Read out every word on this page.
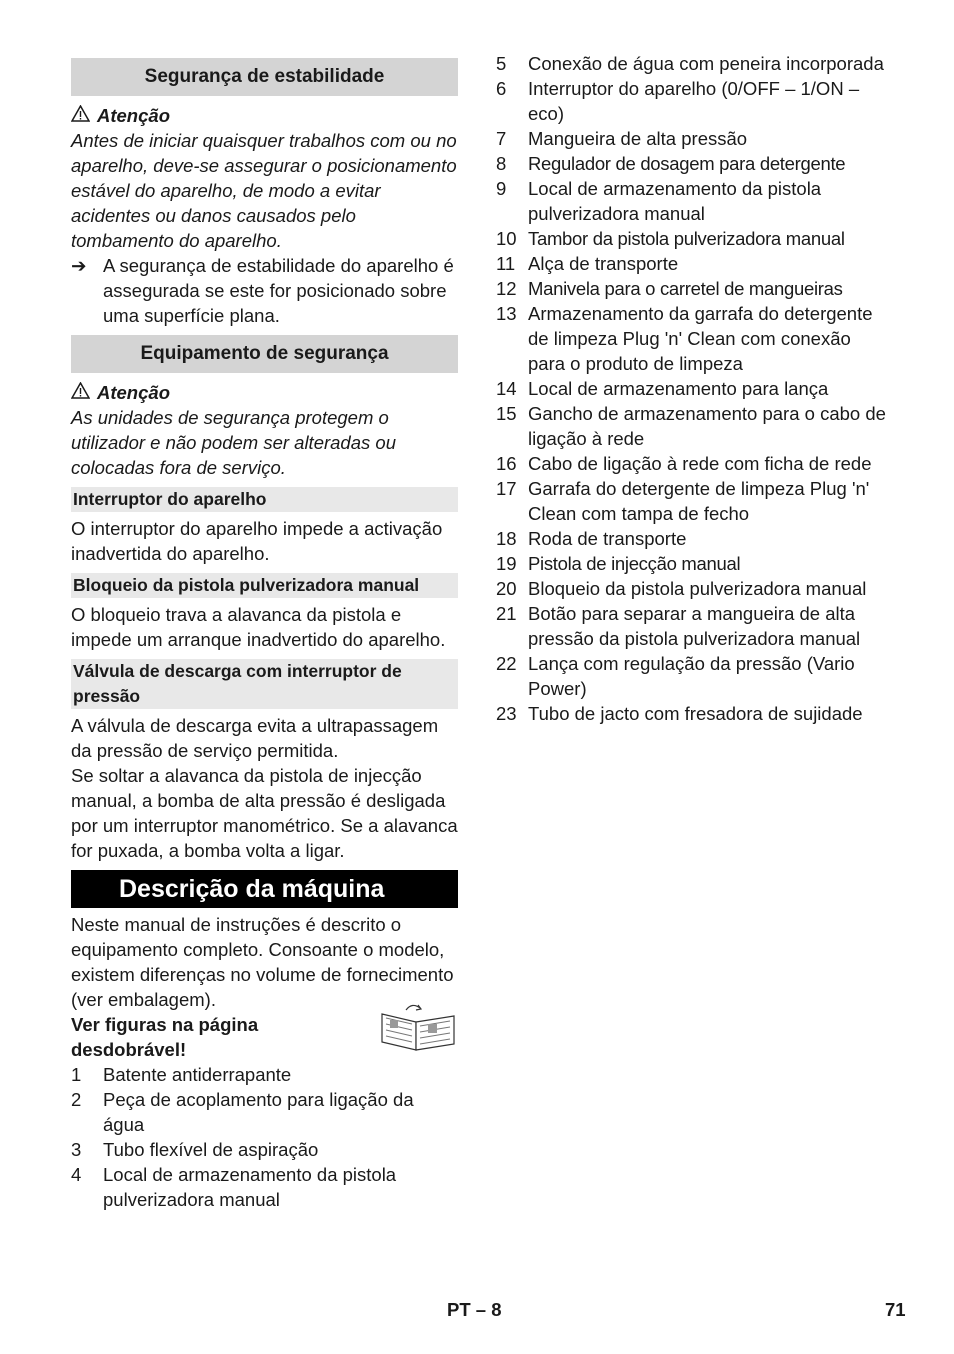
Segurança de estabilidade
Atenção

Antes de iniciar quaisquer trabalhos com ou no aparelho, deve-se assegurar o posicionamento estável do aparelho, de modo a evitar acidentes ou danos causados pelo tombamento do aparelho.

➔ A segurança de estabilidade do aparelho é assegurada se este for posicionado sobre uma superfície plana.
Equipamento de segurança
Atenção

As unidades de segurança protegem o utilizador e não podem ser alteradas ou colocadas fora de serviço.

Interruptor do aparelho

O interruptor do aparelho impede a activação inadvertida do aparelho.

Bloqueio da pistola pulverizadora manual

O bloqueio trava a alavanca da pistola e impede um arranque inadvertido do aparelho.

Válvula de descarga com interruptor de pressão

A válvula de descarga evita a ultrapassagem da pressão de serviço permitida.

Se soltar a alavanca da pistola de injecção manual, a bomba de alta pressão é desligada por um interruptor manométrico. Se a alavanca for puxada, a bomba volta a ligar.

Descrição da máquina

Neste manual de instruções é descrito o equipamento completo. Consoante o modelo, existem diferenças no volume de fornecimento (ver embalagem).

Ver figuras na página desdobrável!
1 Batente antiderrapante
2 Peça de acoplamento para ligação da água
3 Tubo flexível de aspiração
4 Local de armazenamento da pistola pulverizadora manual
5 Conexão de água com peneira incorporada
6 Interruptor do aparelho (0/OFF – 1/ON – eco)
7 Mangueira de alta pressão
8 Regulador de dosagem para detergente
9 Local de armazenamento da pistola pulverizadora manual
10 Tambor da pistola pulverizadora manual
11 Alça de transporte
12 Manivela para o carretel de mangueiras
13 Armazenamento da garrafa do detergente de limpeza Plug 'n' Clean com conexão para o produto de limpeza
14 Local de armazenamento para lança
15 Gancho de armazenamento para o cabo de ligação à rede
16 Cabo de ligação à rede com ficha de rede
17 Garrafa do detergente de limpeza Plug 'n' Clean com tampa de fecho
18 Roda de transporte
19 Pistola de injecção manual
20 Bloqueio da pistola pulverizadora manual
21 Botão para separar a mangueira de alta pressão da pistola pulverizadora manual
22 Lança com regulação da pressão (Vario Power)
23 Tubo de jacto com fresadora de sujidade

PT – 8	71
